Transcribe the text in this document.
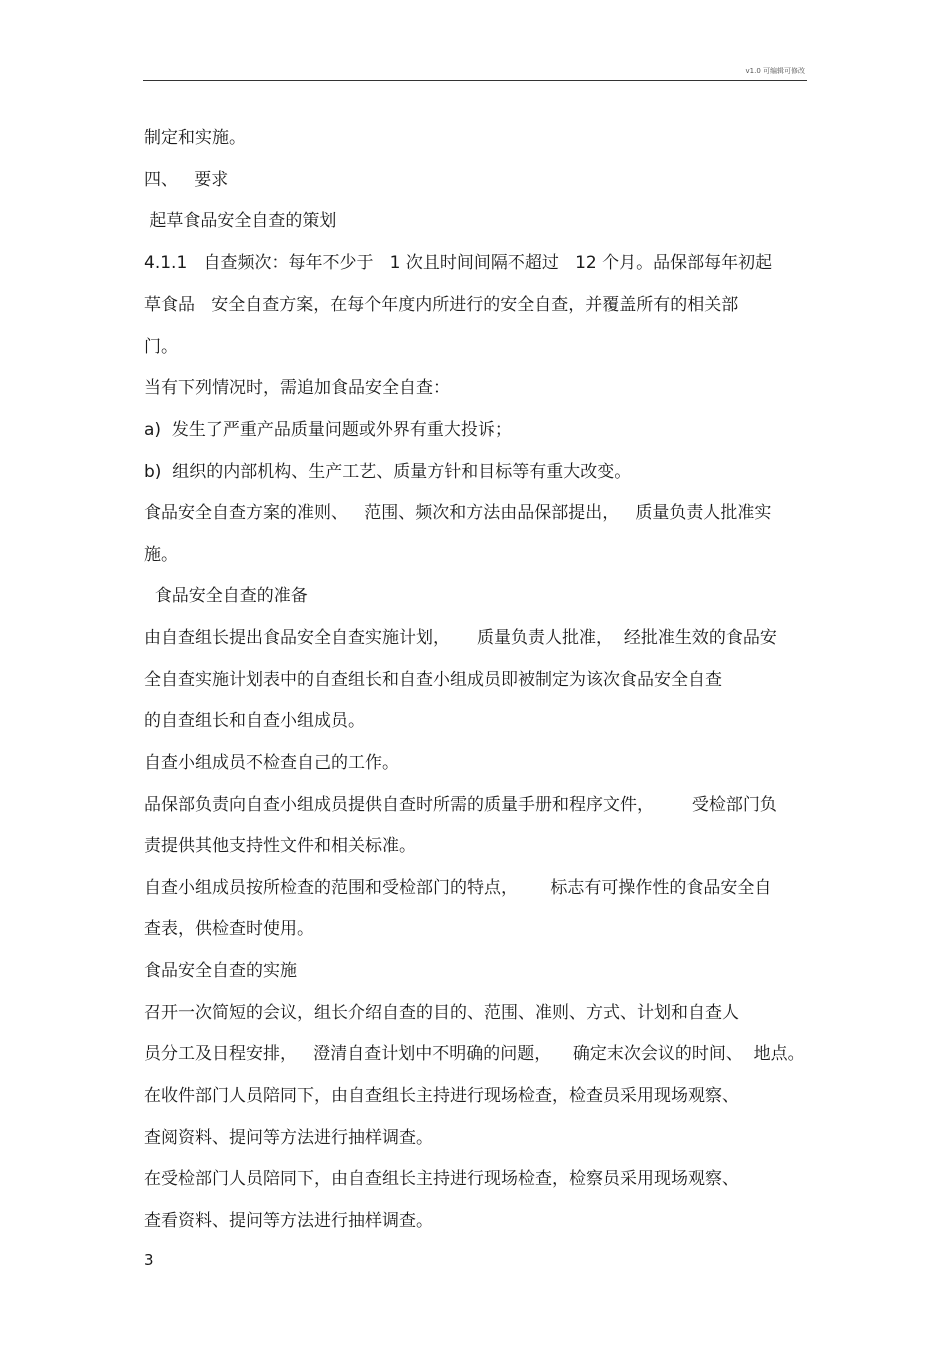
v1.0 可编辑可修改
制定和实施。
四、   要求
起草食品安全自查的策划
4.1.1   自查频次：每年不少于   1 次且时间间隔不超过   12 个月。品保部每年初起
草食品   安全自查方案，在每个年度内所进行的安全自查，并覆盖所有的相关部
门。
当有下列情况时，需追加食品安全自查：
a)  发生了严重产品质量问题或外界有重大投诉；
b)  组织的内部机构、生产工艺、质量方针和目标等有重大改变。
食品安全自查方案的准则、   范围、频次和方法由品保部提出，   质量负责人批准实
施。
食品安全自查的准备
由自查组长提出食品安全自查实施计划，     质量负责人批准，  经批准生效的食品安
全自查实施计划表中的自查组长和自查小组成员即被制定为该次食品安全自查
的自查组长和自查小组成员。
自查小组成员不检查自己的工作。
品保部负责向自查小组成员提供自查时所需的质量手册和程序文件，       受检部门负
责提供其他支持性文件和相关标准。
自查小组成员按所检查的范围和受检部门的特点，      标志有可操作性的食品安全自
查表，供检查时使用。
食品安全自查的实施
召开一次简短的会议，组长介绍自查的目的、范围、准则、方式、计划和自查人
员分工及日程安排，   澄清自查计划中不明确的问题，    确定末次会议的时间、  地点。
在收件部门人员陪同下，由自查组长主持进行现场检查，检查员采用现场观察、
查阅资料、提问等方法进行抽样调查。
在受检部门人员陪同下，由自查组长主持进行现场检查，检察员采用现场观察、
查看资料、提问等方法进行抽样调查。
3
